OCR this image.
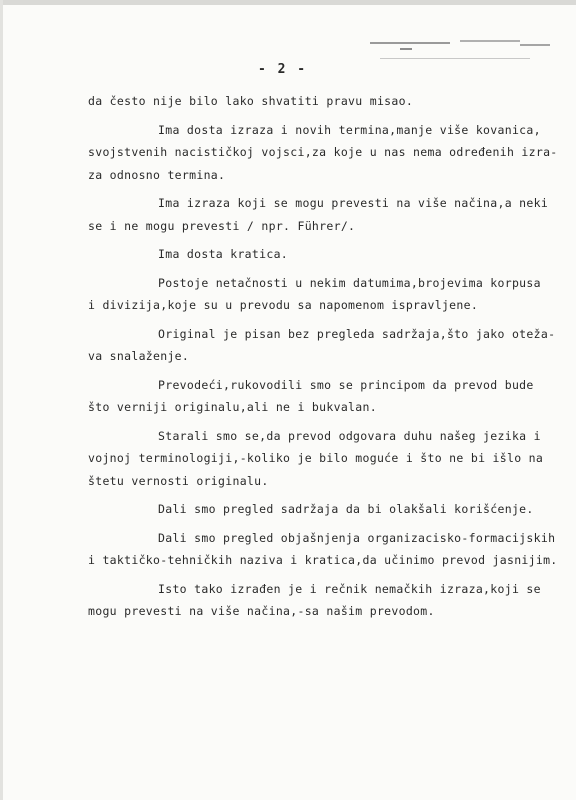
- 2 -

da često nije bilo lako shvatiti pravu misao.

Ima dosta izraza i novih termina,manje više kovanica,
svojstvenih nacističkoj vojsci,za koje u nas nema određenih izra-
za odnosno termina.

Ima izraza koji se mogu prevesti na više načina,a neki
se i ne mogu prevesti / npr. Führer/.

Ima dosta kratica.

Postoje netačnosti u nekim datumima,brojevima korpusa
i divizija,koje su u prevodu sa napomenom ispravljene.

Original je pisan bez pregleda sadržaja,što jako oteža-
va snalaženje.

Prevodeći,rukovodili smo se principom da prevod bude
što verniji originalu,ali ne i bukvalan.

Starali smo se,da prevod odgovara duhu našeg jezika i
vojnoj terminologiji,-koliko je bilo moguće i što ne bi išlo na
štetu vernosti originalu.

Dali smo pregled sadržaja da bi olakšali korišćenje.

Dali smo pregled objašnjenja organizacisko-formacijskih
i taktičko-tehničkih naziva i kratica,da učinimo prevod jasnijim.

Isto tako izrađen je i rečnik nemačkih izraza,koji se
mogu prevesti na više načina,-sa našim prevodom.
